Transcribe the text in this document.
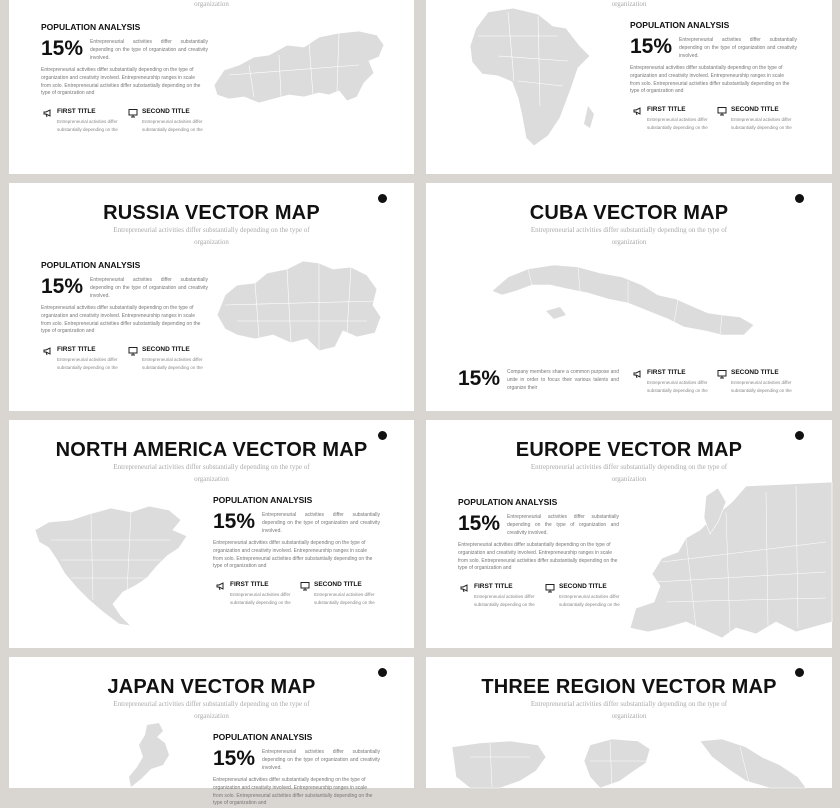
organization
POPULATION ANALYSIS
15% Entrepreneurial activities differ substantially depending on the type of organization and creativity involved.
Entrepreneurial activities differ substantially depending on the type of organization and creativity involved. Entrepreneurship ranges in scale from solo. Entrepreneurial activities differ substantially depending on the type of organization and
FIRST TITLE
Entrepreneurial activities differ substantially depending on the
SECOND TITLE
Entrepreneurial activities differ substantially depending on the
organization
POPULATION ANALYSIS
15% Entrepreneurial activities differ substantially depending on the type of organization and creativity involved.
Entrepreneurial activities differ substantially depending on the type of organization and creativity involved. Entrepreneurship ranges in scale from solo. Entrepreneurial activities differ substantially depending on the type of organization and
FIRST TITLE
Entrepreneurial activities differ substantially depending on the
SECOND TITLE
Entrepreneurial activities differ substantially depending on the
RUSSIA VECTOR MAP
Entrepreneurial activities differ substantially depending on the type of
organization
POPULATION ANALYSIS
15% Entrepreneurial activities differ substantially depending on the type of organization and creativity involved.
Entrepreneurial activities differ substantially depending on the type of organization and creativity involved. Entrepreneurship ranges in scale from solo. Entrepreneurial activities differ substantially depending on the type of organization and
FIRST TITLE
Entrepreneurial activities differ substantially depending on the
SECOND TITLE
Entrepreneurial activities differ substantially depending on the
CUBA VECTOR MAP
Entrepreneurial activities differ substantially depending on the type of
organization
15% Company members share a common purpose and unite in order to focus their various talents and organize their
FIRST TITLE
Entrepreneurial activities differ substantially depending on the
SECOND TITLE
Entrepreneurial activities differ substantially depending on the
NORTH AMERICA VECTOR MAP
Entrepreneurial activities differ substantially depending on the type of
organization
POPULATION ANALYSIS
15% Entrepreneurial activities differ substantially depending on the type of organization and creativity involved.
Entrepreneurial activities differ substantially depending on the type of organization and creativity involved. Entrepreneurship ranges in scale from solo. Entrepreneurial activities differ substantially depending on the type of organization and
FIRST TITLE
Entrepreneurial activities differ substantially depending on the
SECOND TITLE
Entrepreneurial activities differ substantially depending on the
EUROPE VECTOR MAP
Entrepreneurial activities differ substantially depending on the type of
organization
POPULATION ANALYSIS
15% Entrepreneurial activities differ substantially depending on the type of organization and creativity involved.
Entrepreneurial activities differ substantially depending on the type of organization and creativity involved. Entrepreneurship ranges in scale from solo. Entrepreneurial activities differ substantially depending on the type of organization and
FIRST TITLE
Entrepreneurial activities differ substantially depending on the
SECOND TITLE
Entrepreneurial activities differ substantially depending on the
JAPAN VECTOR MAP
Entrepreneurial activities differ substantially depending on the type of
organization
POPULATION ANALYSIS
15% Entrepreneurial activities differ substantially depending on the type of organization and creativity involved.
Entrepreneurial activities differ substantially depending on the type of organization and creativity involved. Entrepreneurship ranges in scale from solo. Entrepreneurial activities differ substantially depending on the type of organization and
THREE REGION VECTOR MAP
Entrepreneurial activities differ substantially depending on the type of
organization
